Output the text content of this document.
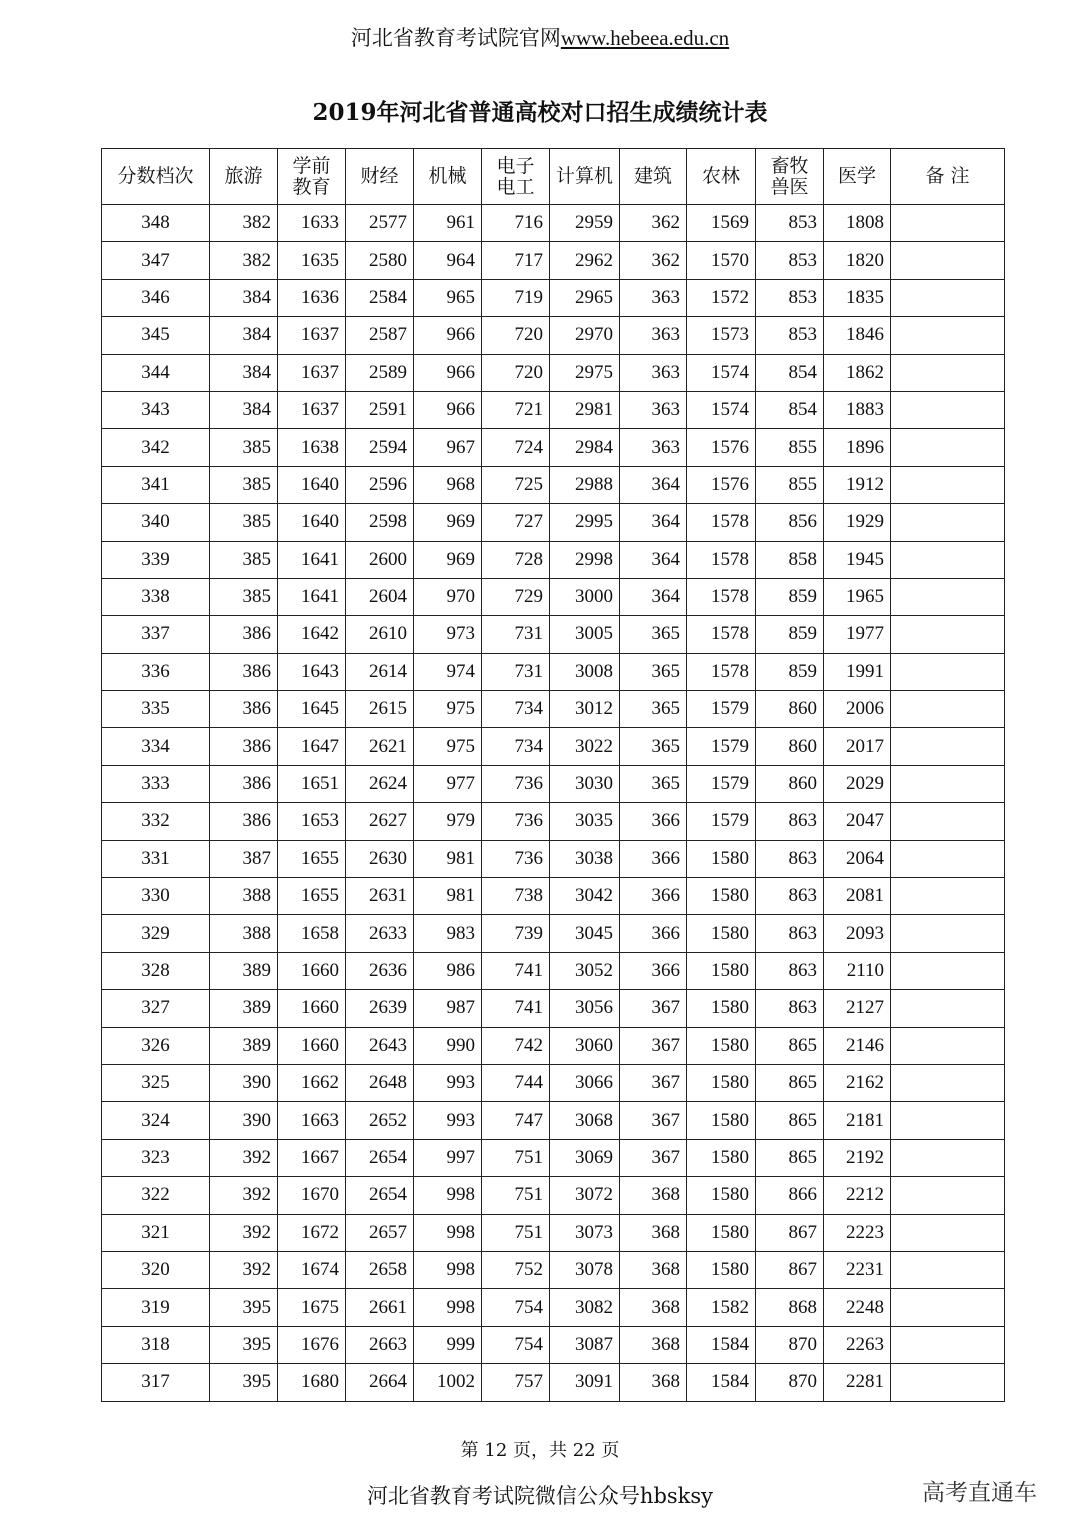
河北省教育考试院官网www.hebeea.edu.cn
2019年河北省普通高校对口招生成绩统计表
分数档次	旅游	学前教育	财经	机械	电子电工	计算机	建筑	农林	畜牧兽医	医学	备 注
348	382	1633	2577	961	716	2959	362	1569	853	1808	
347	382	1635	2580	964	717	2962	362	1570	853	1820	
346	384	1636	2584	965	719	2965	363	1572	853	1835	
345	384	1637	2587	966	720	2970	363	1573	853	1846	
344	384	1637	2589	966	720	2975	363	1574	854	1862	
343	384	1637	2591	966	721	2981	363	1574	854	1883	
342	385	1638	2594	967	724	2984	363	1576	855	1896	
341	385	1640	2596	968	725	2988	364	1576	855	1912	
340	385	1640	2598	969	727	2995	364	1578	856	1929	
339	385	1641	2600	969	728	2998	364	1578	858	1945	
338	385	1641	2604	970	729	3000	364	1578	859	1965	
337	386	1642	2610	973	731	3005	365	1578	859	1977	
336	386	1643	2614	974	731	3008	365	1578	859	1991	
335	386	1645	2615	975	734	3012	365	1579	860	2006	
334	386	1647	2621	975	734	3022	365	1579	860	2017	
333	386	1651	2624	977	736	3030	365	1579	860	2029	
332	386	1653	2627	979	736	3035	366	1579	863	2047	
331	387	1655	2630	981	736	3038	366	1580	863	2064	
330	388	1655	2631	981	738	3042	366	1580	863	2081	
329	388	1658	2633	983	739	3045	366	1580	863	2093	
328	389	1660	2636	986	741	3052	366	1580	863	2110	
327	389	1660	2639	987	741	3056	367	1580	863	2127	
326	389	1660	2643	990	742	3060	367	1580	865	2146	
325	390	1662	2648	993	744	3066	367	1580	865	2162	
324	390	1663	2652	993	747	3068	367	1580	865	2181	
323	392	1667	2654	997	751	3069	367	1580	865	2192	
322	392	1670	2654	998	751	3072	368	1580	866	2212	
321	392	1672	2657	998	751	3073	368	1580	867	2223	
320	392	1674	2658	998	752	3078	368	1580	867	2231	
319	395	1675	2661	998	754	3082	368	1582	868	2248	
318	395	1676	2663	999	754	3087	368	1584	870	2263	
317	395	1680	2664	1002	757	3091	368	1584	870	2281	
第 12 页，共 22 页
河北省教育考试院微信公众号hbsksy	高考直通车
